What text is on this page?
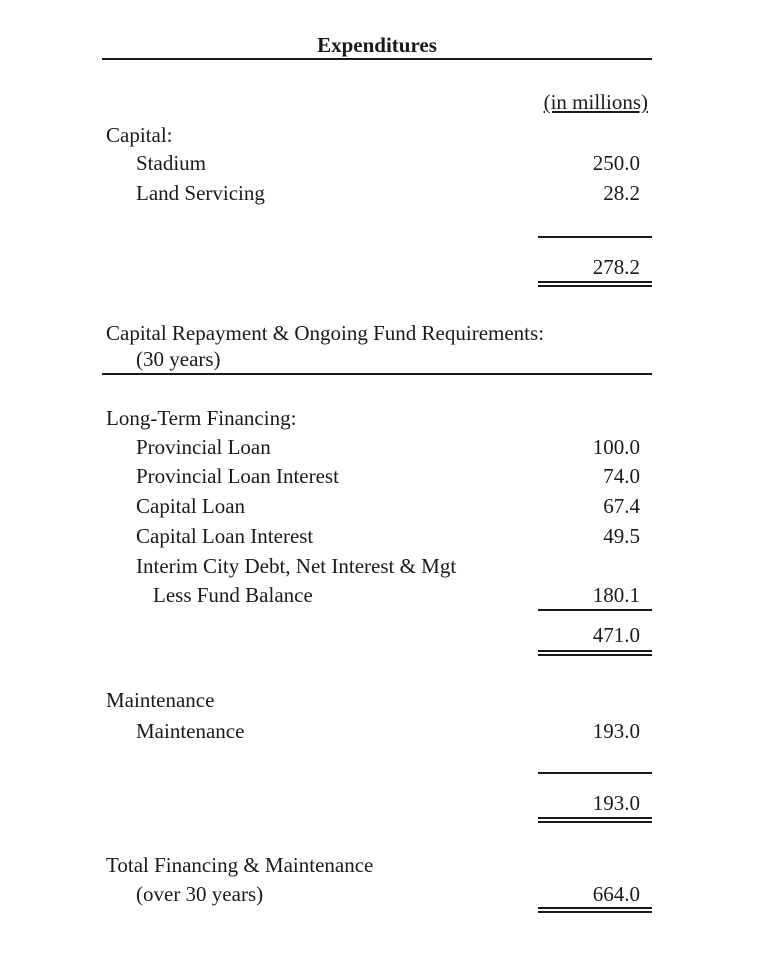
Expenditures
(in millions)
Capital:
Stadium	250.0
Land Servicing	28.2
278.2
Capital Repayment & Ongoing Fund Requirements:
(30 years)
Long-Term Financing:
Provincial Loan	100.0
Provincial Loan Interest	74.0
Capital Loan	67.4
Capital Loan Interest	49.5
Interim City Debt, Net Interest & Mgt
Less Fund Balance	180.1
471.0
Maintenance
Maintenance	193.0
193.0
Total Financing & Maintenance
(over 30 years)	664.0
